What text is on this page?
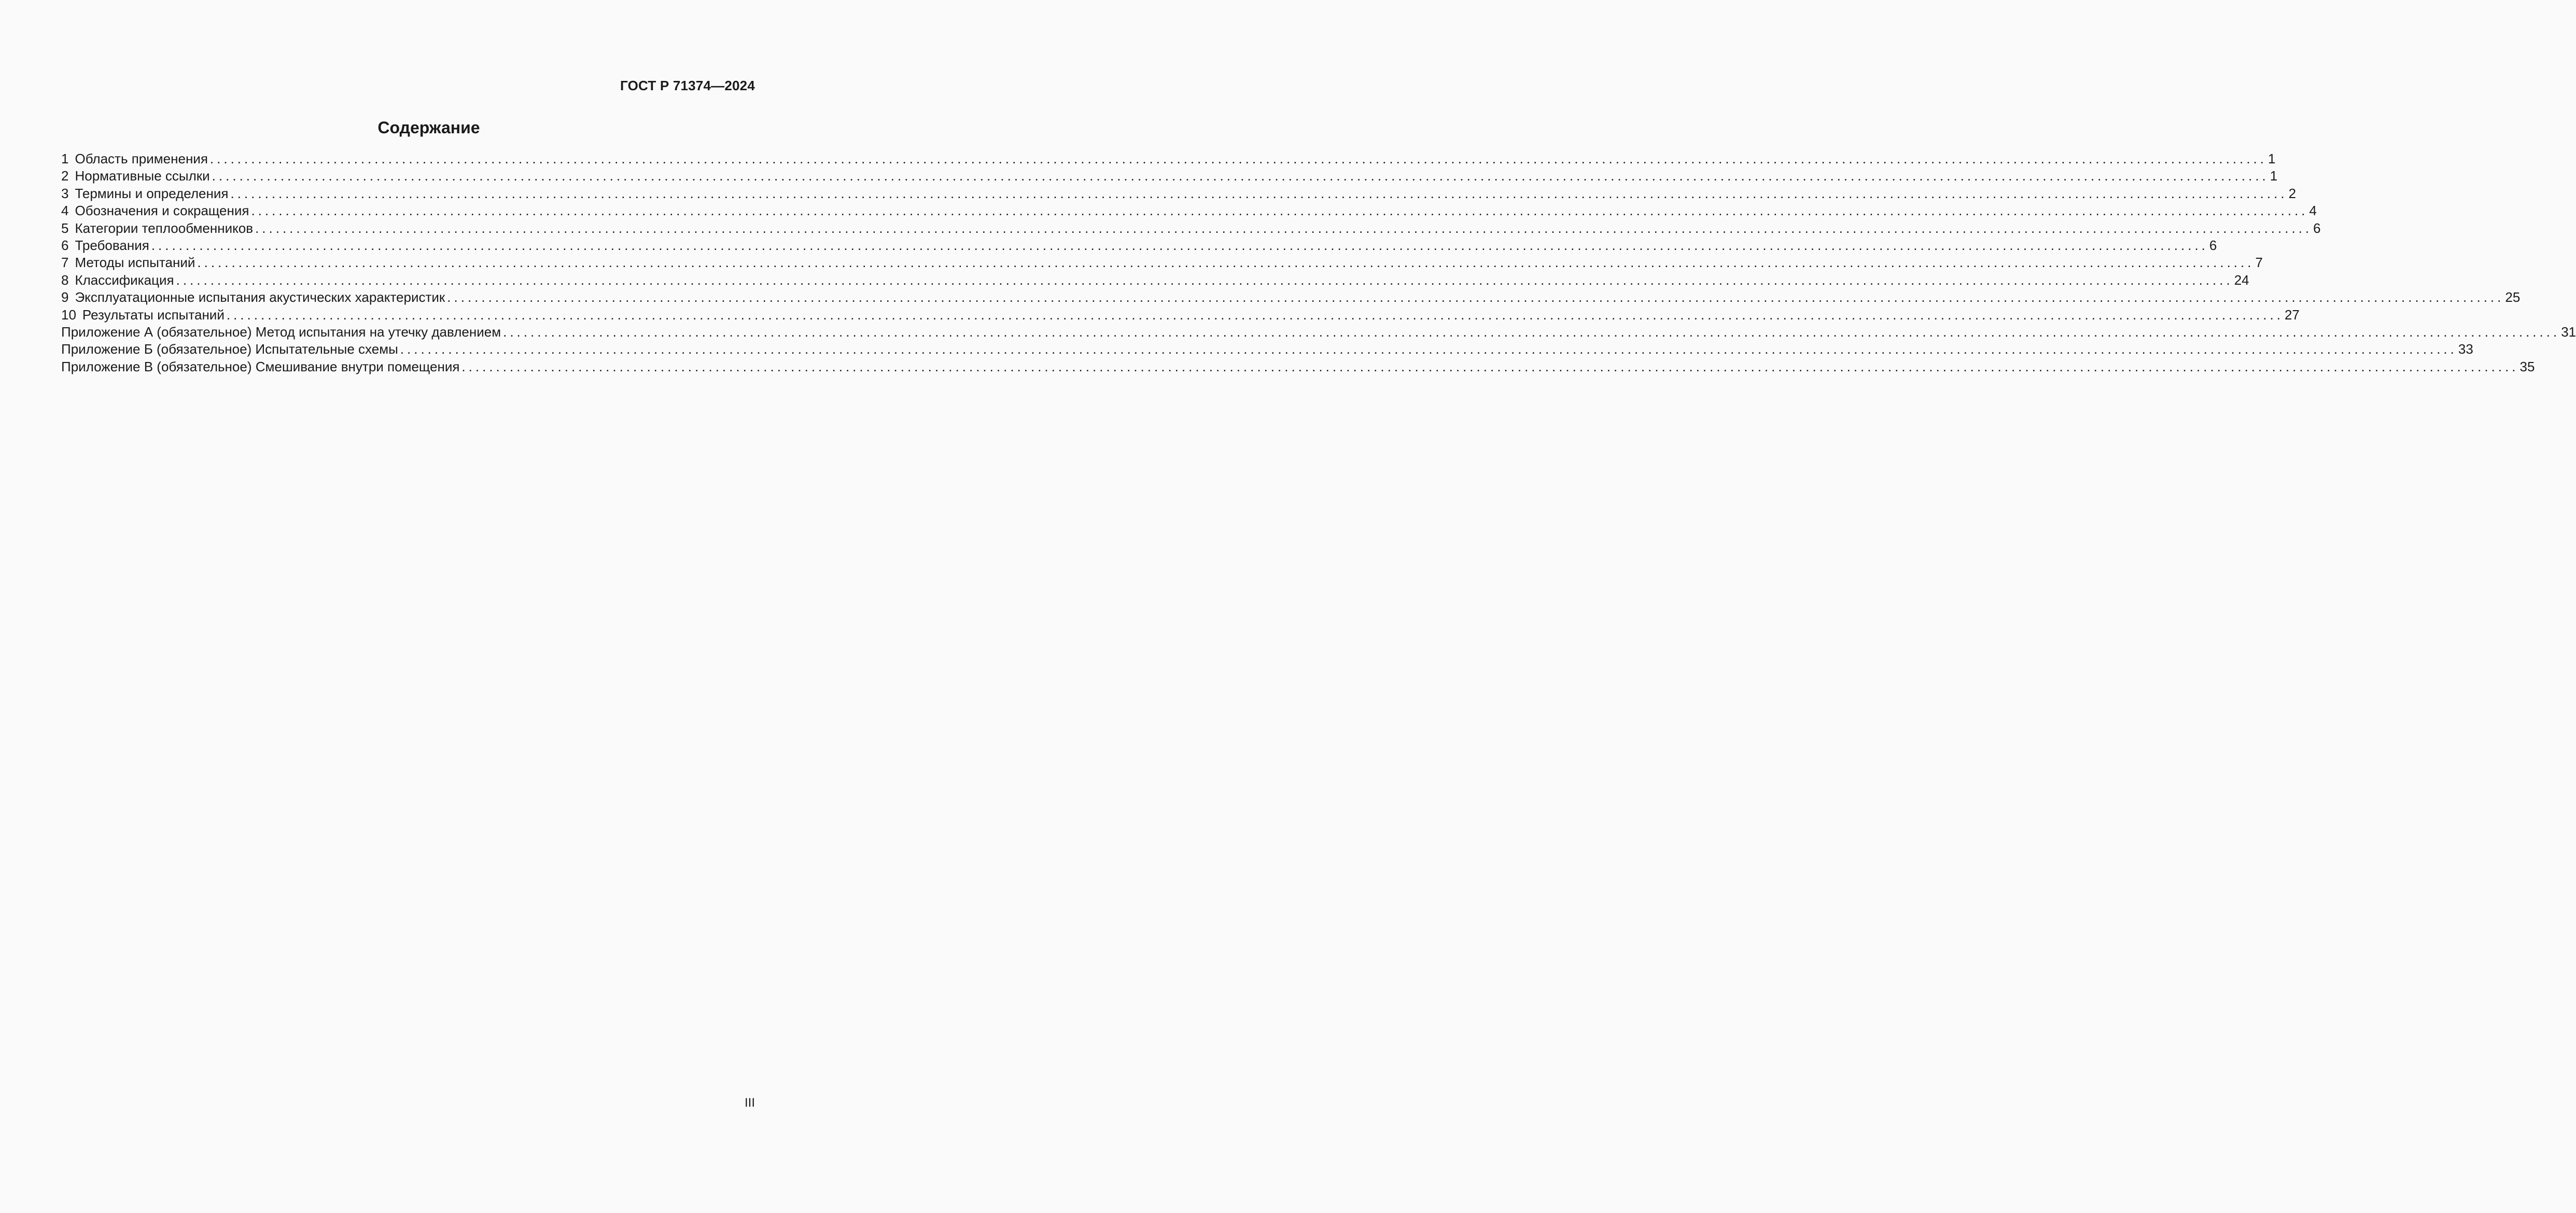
ГОСТ Р 71374—2024
Содержание
1 Область применения ............................................................................................................................................................................................................................................................................................................ 1
2 Нормативные ссылки ............................................................................................................................................................................................................................................................................................................ 1
3 Термины и определения ............................................................................................................................................................................................................................................................................................................ 2
4 Обозначения и сокращения ............................................................................................................................................................................................................................................................................................................ 4
5 Категории теплообменников ............................................................................................................................................................................................................................................................................................................ 6
6 Требования ............................................................................................................................................................................................................................................................................................................ 6
7 Методы испытаний ............................................................................................................................................................................................................................................................................................................ 7
8 Классификация ............................................................................................................................................................................................................................................................................................................ 24
9 Эксплуатационные испытания акустических характеристик ............................................................................................................................................................................................................................................................................................................ 25
10 Результаты испытаний ............................................................................................................................................................................................................................................................................................................ 27
Приложение А (обязательное) Метод испытания на утечку давлением ............................................................................................................................................................................................................................................................................................................ 31
Приложение Б (обязательное) Испытательные схемы ............................................................................................................................................................................................................................................................................................................ 33
Приложение В (обязательное) Смешивание внутри помещения ............................................................................................................................................................................................................................................................................................................ 35
III
